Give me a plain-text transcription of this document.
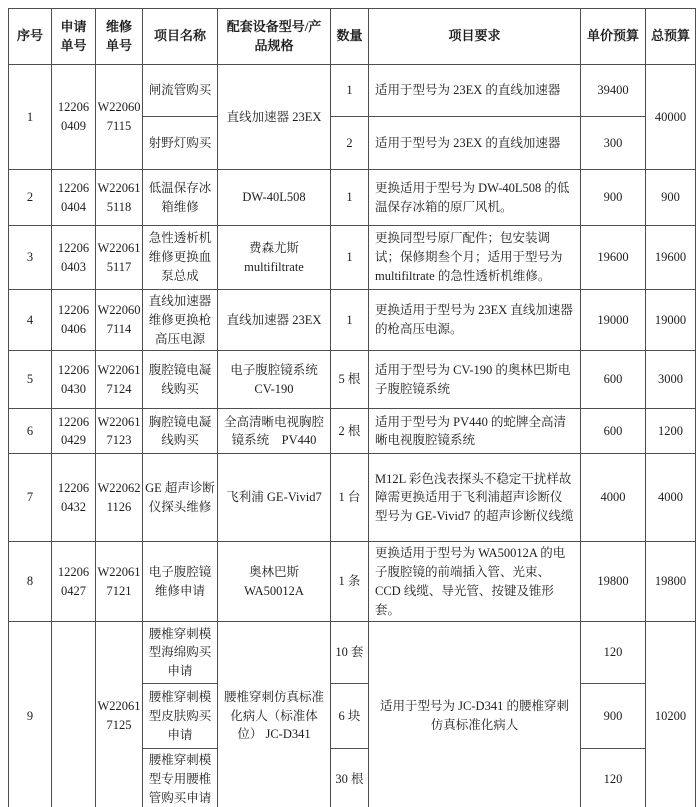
序号	申请单号	维修单号	项目名称	配套设备型号/产品规格	数量	项目要求	单价预算	总预算
1	12206 0409	W22060 7115	闸流管购买	直线加速器 23EX	1	适用于型号为 23EX 的直线加速器	39400	40000
			射野灯购买		2	适用于型号为 23EX 的直线加速器	300	
2	12206 0404	W22061 5118	低温保存冰箱维修	DW-40L508	1	更换适用于型号为 DW-40L508 的低温保存冰箱的原厂风机。	900	900
3	12206 0403	W22061 5117	急性透析机维修更换血泵总成	费森尤斯 multifiltrate	1	更换同型号原厂配件；包安装调试；保修期叁个月；适用于型号为 multifiltrate 的急性透析机维修。	19600	19600
4	12206 0406	W22060 7114	直线加速器维修更换枪高压电源	直线加速器 23EX	1	更换适用于型号为 23EX 直线加速器的枪高压电源。	19000	19000
5	12206 0430	W22061 7124	腹腔镜电凝线购买	电子腹腔镜系统 CV-190	5 根	适用于型号为 CV-190 的奥林巴斯电子腹腔镜系统	600	3000
6	12206 0429	W22061 7123	胸腔镜电凝线购买	全高清晰电视胸腔镜系统　PV440	2 根	适用于型号为 PV440 的蛇牌全高清晰电视腹腔镜系统	600	1200
7	12206 0432	W22062 1126	GE 超声诊断仪探头维修	飞利浦 GE-Vivid7	1 台	M12L 彩色浅表探头不稳定干扰样故障需更换适用于飞利浦超声诊断仪型号为 GE-Vivid7 的超声诊断仪线缆	4000	4000
8	12206 0427	W22061 7121	电子腹腔镜维修申请	奥林巴斯 WA50012A	1 条	更换适用于型号为 WA50012A 的电子腹腔镜的前端插入管、光束、CCD 线缆、导光管、按键及锥形套。	19800	19800
9		W22061 7125	腰椎穿刺模型海绵购买申请	腰椎穿刺仿真标准化病人（标准体位） JC-D341	10 套	适用于型号为 JC-D341 的腰椎穿刺仿真标准化病人	120	10200
			腰椎穿刺模型皮肤购买申请		6 块		900	
			腰椎穿刺模型专用腰椎管购买申请		30 根		120	
